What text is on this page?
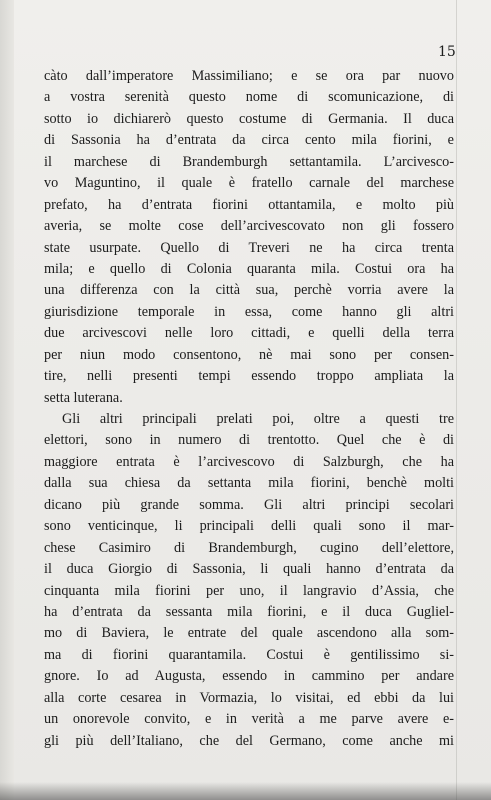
15
càto dall’imperatore Massimiliano; e se ora par nuovo
a vostra serenità questo nome di scomunicazione, di
sotto io dichiarerò questo costume di Germania. Il duca
di Sassonia ha d’entrata da circa cento mila fiorini, e
il marchese di Brandemburgh settantamila. L’arcivesco-
vo Maguntino, il quale è fratello carnale del marchese
prefato, ha d’entrata fiorini ottantamila, e molto più
averia, se molte cose dell’arcivescovato non gli fossero
state usurpate. Quello di Treveri ne ha circa trenta
mila; e quello di Colonia quaranta mila. Costui ora ha
una differenza con la città sua, perchè vorria avere la
giurisdizione temporale in essa, come hanno gli altri
due arcivescovi nelle loro cittadi, e quelli della terra
per niun modo consentono, nè mai sono per consen-
tire, nelli presenti tempi essendo troppo ampliata la
setta luterana.
Gli altri principali prelati poi, oltre a questi tre
elettori, sono in numero di trentotto. Quel che è di
maggiore entrata è l’arcivescovo di Salzburgh, che ha
dalla sua chiesa da settanta mila fiorini, benchè molti
dicano più grande somma. Gli altri principi secolari
sono venticinque, li principali delli quali sono il mar-
chese Casimiro di Brandemburgh, cugino dell’elettore,
il duca Giorgio di Sassonia, li quali hanno d’entrata da
cinquanta mila fiorini per uno, il langravio d’Assia, che
ha d’entrata da sessanta mila fiorini, e il duca Gugliel-
mo di Baviera, le entrate del quale ascendono alla som-
ma di fiorini quarantamila. Costui è gentilissimo si-
gnore. Io ad Augusta, essendo in cammino per andare
alla corte cesarea in Vormazia, lo visitai, ed ebbi da lui
un onorevole convito, e in verità a me parve avere e-
gli più dell’Italiano, che del Germano, come anche mi
